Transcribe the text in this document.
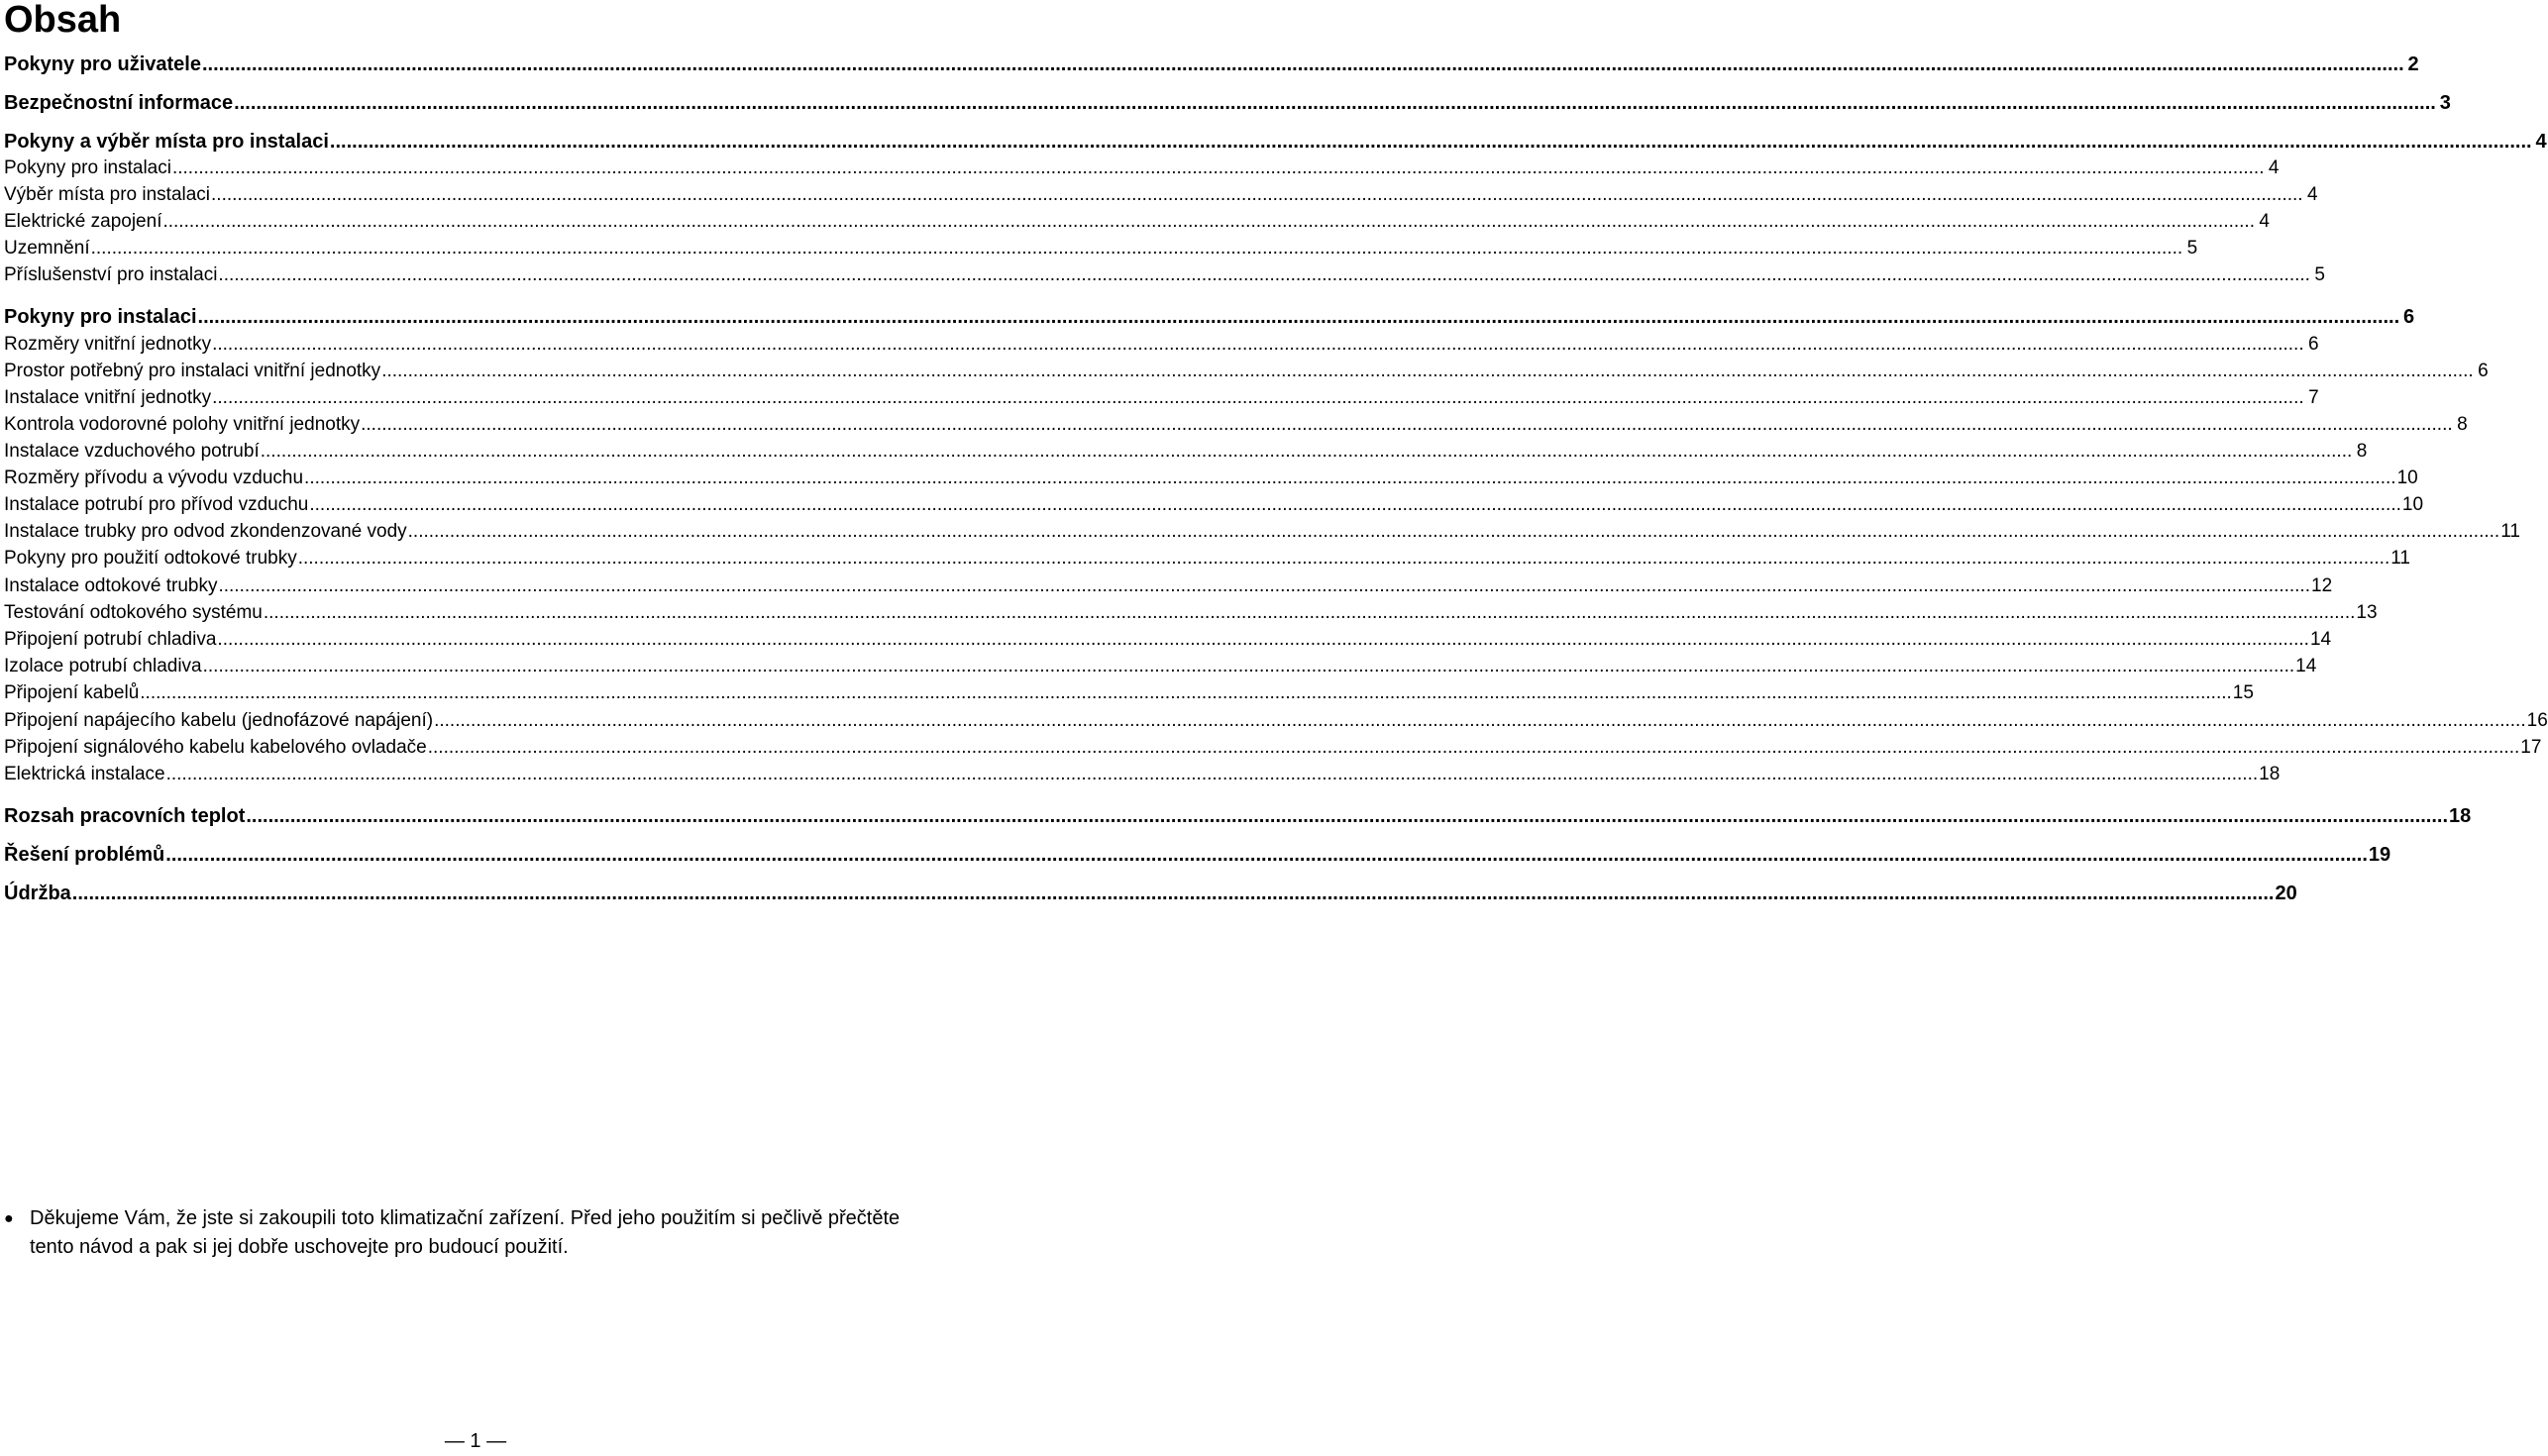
Obsah
Pokyny pro uživatele ................................................................................................................................................................................................................................................................................................................................................................................................................ 2
Bezpečnostní informace ................................................................................................................................................................................................................................................................................................................................................................................................................ 3
Pokyny a výběr místa pro instalaci ................................................................................................................................................................................................................................................................................................................................................................................................................ 4
Pokyny pro instalaci ................................................................................................................................................................................................................................................................................................................................................................................................................ 4
Výběr místa pro instalaci ................................................................................................................................................................................................................................................................................................................................................................................................................ 4
Elektrické zapojení ................................................................................................................................................................................................................................................................................................................................................................................................................ 4
Uzemnění ................................................................................................................................................................................................................................................................................................................................................................................................................ 5
Příslušenství pro instalaci ................................................................................................................................................................................................................................................................................................................................................................................................................ 5
Pokyny pro instalaci ................................................................................................................................................................................................................................................................................................................................................................................................................ 6
Rozměry vnitřní jednotky ................................................................................................................................................................................................................................................................................................................................................................................................................ 6
Prostor potřebný pro instalaci vnitřní jednotky ................................................................................................................................................................................................................................................................................................................................................................................................................ 6
Instalace vnitřní jednotky ................................................................................................................................................................................................................................................................................................................................................................................................................ 7
Kontrola vodorovné polohy vnitřní jednotky ................................................................................................................................................................................................................................................................................................................................................................................................................ 8
Instalace vzduchového potrubí ................................................................................................................................................................................................................................................................................................................................................................................................................ 8
Rozměry přívodu a vývodu vzduchu ................................................................................................................................................................................................................................................................................................................................................................................................................ 10
Instalace potrubí pro přívod vzduchu ................................................................................................................................................................................................................................................................................................................................................................................................................ 10
Instalace trubky pro odvod zkondenzované vody ................................................................................................................................................................................................................................................................................................................................................................................................................ 11
Pokyny pro použití odtokové trubky ................................................................................................................................................................................................................................................................................................................................................................................................................ 11
Instalace odtokové trubky ................................................................................................................................................................................................................................................................................................................................................................................................................ 12
Testování odtokového systému ................................................................................................................................................................................................................................................................................................................................................................................................................ 13
Připojení potrubí chladiva ................................................................................................................................................................................................................................................................................................................................................................................................................ 14
Izolace potrubí chladiva ................................................................................................................................................................................................................................................................................................................................................................................................................ 14
Připojení kabelů ................................................................................................................................................................................................................................................................................................................................................................................................................ 15
Připojení napájecího kabelu (jednofázové napájení) ................................................................................................................................................................................................................................................................................................................................................................................................................ 16
Připojení signálového kabelu kabelového ovladače ................................................................................................................................................................................................................................................................................................................................................................................................................ 17
Elektrická instalace ................................................................................................................................................................................................................................................................................................................................................................................................................ 18
Rozsah pracovních teplot ................................................................................................................................................................................................................................................................................................................................................................................................................ 18
Řešení problémů ................................................................................................................................................................................................................................................................................................................................................................................................................ 19
Údržba ................................................................................................................................................................................................................................................................................................................................................................................................................ 20
● Děkujeme Vám, že jste si zakoupili toto klimatizační zařízení. Před jeho použitím si pečlivě přečtěte tento návod a pak si jej dobře uschovejte pro budoucí použití.
— 1 —
